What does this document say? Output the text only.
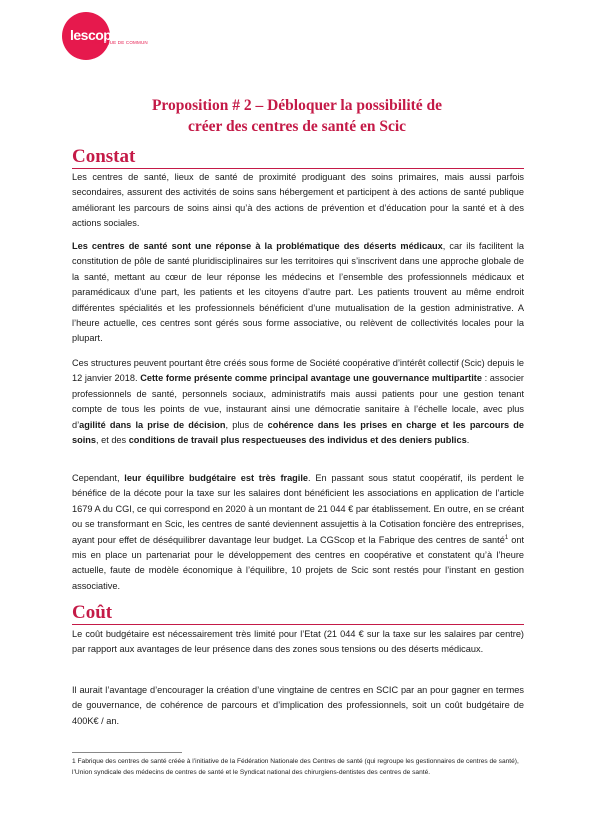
lescop
FABRIQUE DE COMMUN
Proposition # 2 – Débloquer la possibilité de
créer des centres de santé en Scic
Constat
Les centres de santé, lieux de santé de proximité prodiguant des soins primaires, mais aussi parfois secondaires, assurent des activités de soins sans hébergement et participent à des actions de santé publique améliorant les parcours de soins ainsi qu’à des actions de prévention et d’éducation pour la santé et à des actions sociales.
Les centres de santé sont une réponse à la problématique des déserts médicaux, car ils facilitent la constitution de pôle de santé pluridisciplinaires sur les territoires qui s’inscrivent dans une approche globale de la santé, mettant au cœur de leur réponse les médecins et l’ensemble des professionnels médicaux et paramédicaux d’une part, les patients et les citoyens d’autre part. Les patients trouvent au même endroit différentes spécialités et les professionnels bénéficient d’une mutualisation de la gestion administrative. A l’heure actuelle, ces centres sont gérés sous forme associative, ou relèvent de collectivités locales pour la plupart.
Ces structures peuvent pourtant être créés sous forme de Société coopérative d’intérêt collectif (Scic) depuis le 12 janvier 2018. Cette forme présente comme principal avantage une gouvernance multipartite : associer professionnels de santé, personnels sociaux, administratifs mais aussi patients pour une gestion tenant compte de tous les points de vue, instaurant ainsi une démocratie sanitaire à l’échelle locale, avec plus d’agilité dans la prise de décision, plus de cohérence dans les prises en charge et les parcours de soins, et des conditions de travail plus respectueuses des individus et des deniers publics.
Cependant, leur équilibre budgétaire est très fragile. En passant sous statut coopératif, ils perdent le bénéfice de la décote pour la taxe sur les salaires dont bénéficient les associations en application de l’article 1679 A du CGI, ce qui correspond en 2020 à un montant de 21 044 € par établissement. En outre, en se créant ou se transformant en Scic, les centres de santé deviennent assujettis à la Cotisation foncière des entreprises, ayant pour effet de déséquilibrer davantage leur budget. La CGScop et la Fabrique des centres de santé$^1$ ont mis en place un partenariat pour le développement des centres en coopérative et constatent qu’à l’heure actuelle, faute de modèle économique à l’équilibre, 10 projets de Scic sont restés pour l’instant en gestion associative.
Coût
Le coût budgétaire est nécessairement très limité pour l’Etat (21 044 € sur la taxe sur les salaires par centre) par rapport aux avantages de leur présence dans des zones sous tensions ou des déserts médicaux.
Il aurait l’avantage d’encourager la création d’une vingtaine de centres en SCIC par an pour gagner en termes de gouvernance, de cohérence de parcours et d’implication des professionnels, soit un coût budgétaire de 400K€ / an.
1 Fabrique des centres de santé créée à l’initiative de la Fédération Nationale des Centres de santé (qui regroupe les gestionnaires de centres de santé), l’Union syndicale des médecins de centres de santé et le Syndicat national des chirurgiens-dentistes des centres de santé.
